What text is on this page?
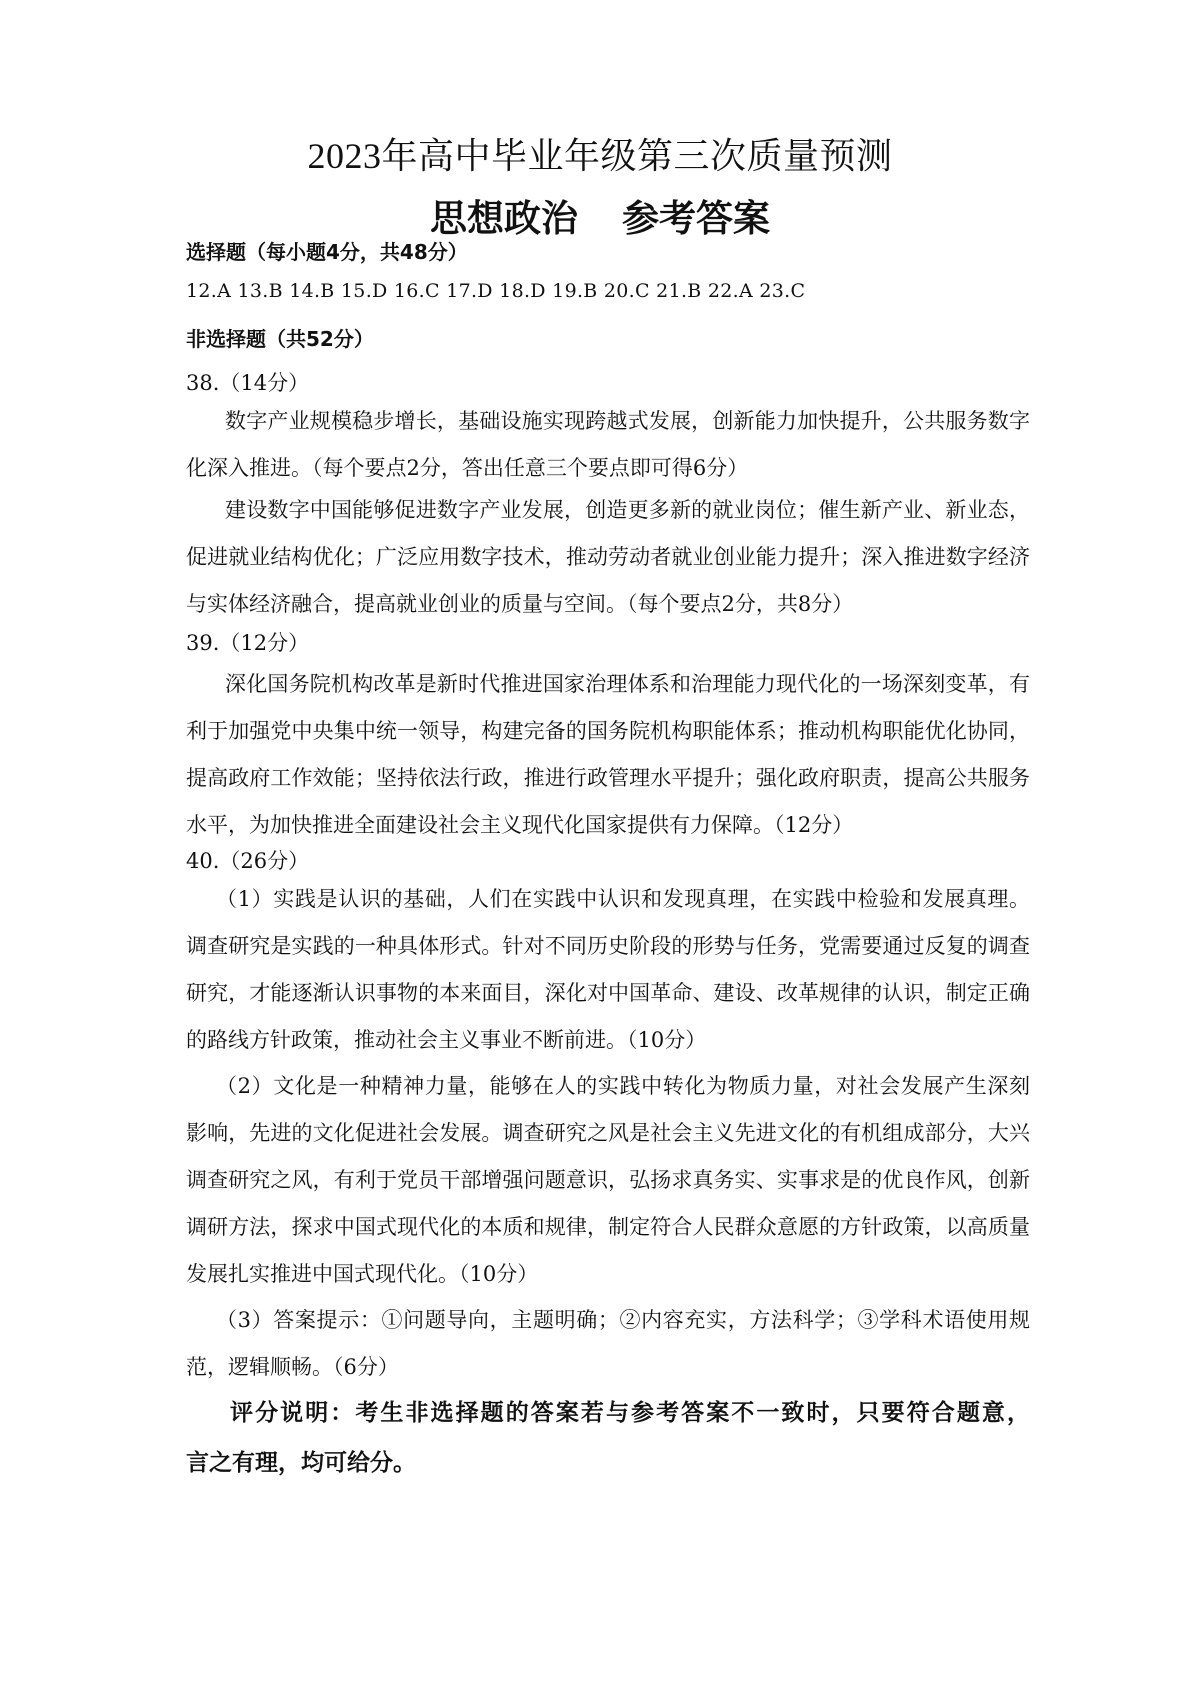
2023年高中毕业年级第三次质量预测
思想政治 参考答案
选择题（每小题4分，共48分）
12.A 13.B 14.B 15.D 16.C 17.D 18.D 19.B 20.C 21.B 22.A 23.C
非选择题（共52分）
38.（14分）
数字产业规模稳步增长，基础设施实现跨越式发展，创新能力加快提升，公共服务数字
化深入推进。（每个要点2分，答出任意三个要点即可得6分）
建设数字中国能够促进数字产业发展，创造更多新的就业岗位；催生新产业、新业态，
促进就业结构优化；广泛应用数字技术，推动劳动者就业创业能力提升；深入推进数字经济
与实体经济融合，提高就业创业的质量与空间。（每个要点2分，共8分）
39.（12分）
深化国务院机构改革是新时代推进国家治理体系和治理能力现代化的一场深刻变革，有
利于加强党中央集中统一领导，构建完备的国务院机构职能体系；推动机构职能优化协同，
提高政府工作效能；坚持依法行政，推进行政管理水平提升；强化政府职责，提高公共服务
水平，为加快推进全面建设社会主义现代化国家提供有力保障。（12分）
40.（26分）
（1）实践是认识的基础，人们在实践中认识和发现真理，在实践中检验和发展真理。
调查研究是实践的一种具体形式。针对不同历史阶段的形势与任务，党需要通过反复的调查
研究，才能逐渐认识事物的本来面目，深化对中国革命、建设、改革规律的认识，制定正确
的路线方针政策，推动社会主义事业不断前进。（10分）
（2）文化是一种精神力量，能够在人的实践中转化为物质力量，对社会发展产生深刻
影响，先进的文化促进社会发展。调查研究之风是社会主义先进文化的有机组成部分，大兴
调查研究之风，有利于党员干部增强问题意识，弘扬求真务实、实事求是的优良作风，创新
调研方法，探求中国式现代化的本质和规律，制定符合人民群众意愿的方针政策，以高质量
发展扎实推进中国式现代化。（10分）
（3）答案提示：①问题导向，主题明确；②内容充实，方法科学；③学科术语使用规
范，逻辑顺畅。（6分）
评分说明：考生非选择题的答案若与参考答案不一致时，只要符合题意，
言之有理，均可给分。
